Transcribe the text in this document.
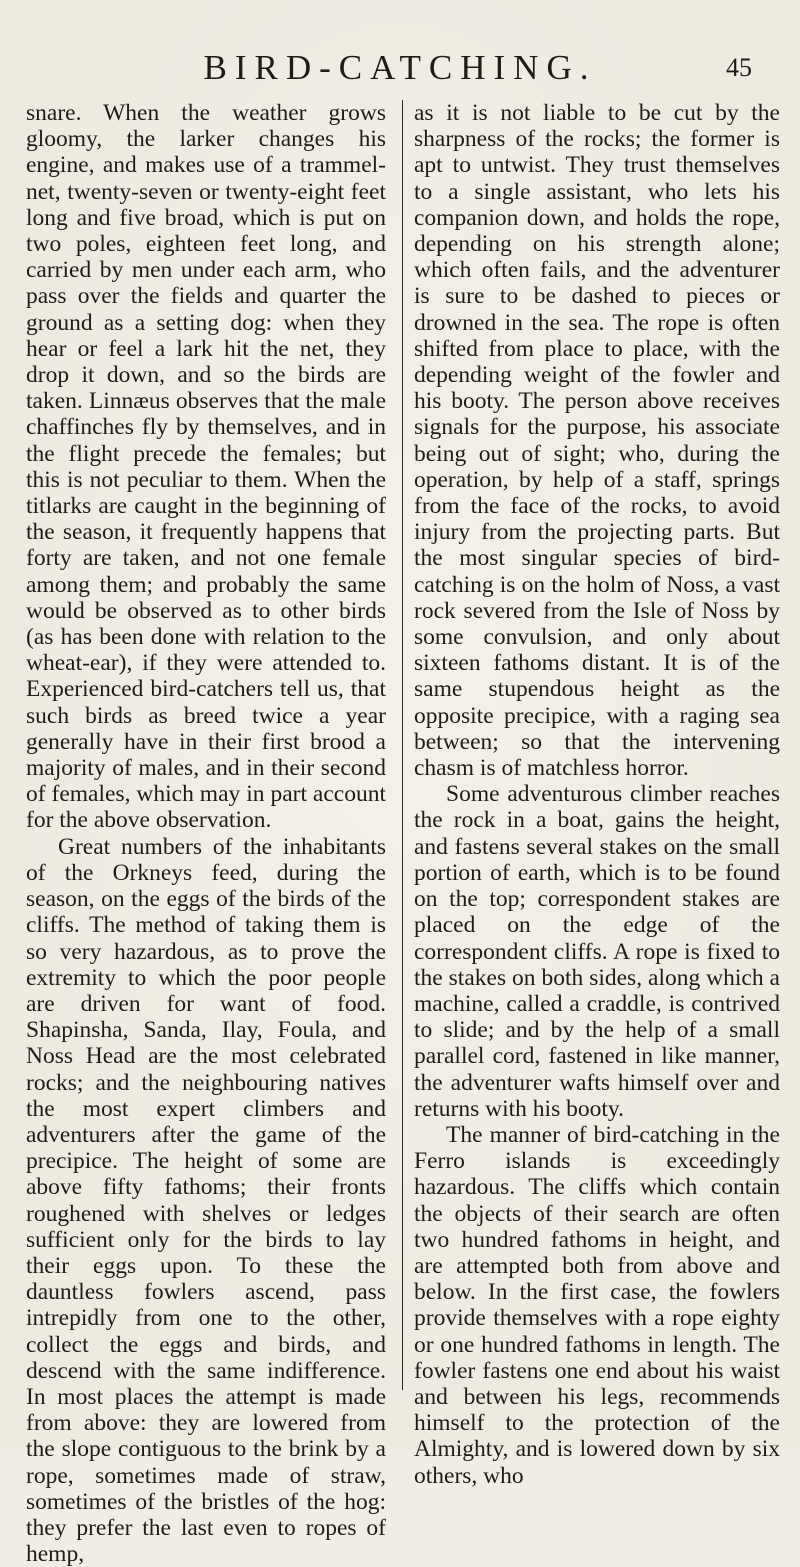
BIRD-CATCHING.	45

snare. When the weather grows gloomy, the larker changes his engine, and makes use of a trammel-net, twenty-seven or twenty-eight feet long and five broad, which is put on two poles, eighteen feet long, and carried by men under each arm, who pass over the fields and quarter the ground as a setting dog: when they hear or feel a lark hit the net, they drop it down, and so the birds are taken. Linnæus observes that the male chaffinches fly by themselves, and in the flight precede the females; but this is not peculiar to them. When the titlarks are caught in the beginning of the season, it frequently happens that forty are taken, and not one female among them; and probably the same would be observed as to other birds (as has been done with relation to the wheat-ear), if they were attended to. Experienced bird-catchers tell us, that such birds as breed twice a year generally have in their first brood a majority of males, and in their second of females, which may in part account for the above observation.

Great numbers of the inhabitants of the Orkneys feed, during the season, on the eggs of the birds of the cliffs. The method of taking them is so very hazardous, as to prove the extremity to which the poor people are driven for want of food. Shapinsha, Sanda, Ilay, Foula, and Noss Head are the most celebrated rocks; and the neighbouring natives the most expert climbers and adventurers after the game of the precipice. The height of some are above fifty fathoms; their fronts roughened with shelves or ledges sufficient only for the birds to lay their eggs upon. To these the dauntless fowlers ascend, pass intrepidly from one to the other, collect the eggs and birds, and descend with the same indifference. In most places the attempt is made from above: they are lowered from the slope contiguous to the brink by a rope, sometimes made of straw, sometimes of the bristles of the hog: they prefer the last even to ropes of hemp,

as it is not liable to be cut by the sharpness of the rocks; the former is apt to untwist. They trust themselves to a single assistant, who lets his companion down, and holds the rope, depending on his strength alone; which often fails, and the adventurer is sure to be dashed to pieces or drowned in the sea. The rope is often shifted from place to place, with the depending weight of the fowler and his booty. The person above receives signals for the purpose, his associate being out of sight; who, during the operation, by help of a staff, springs from the face of the rocks, to avoid injury from the projecting parts. But the most singular species of bird-catching is on the holm of Noss, a vast rock severed from the Isle of Noss by some convulsion, and only about sixteen fathoms distant. It is of the same stupendous height as the opposite precipice, with a raging sea between; so that the intervening chasm is of matchless horror.

Some adventurous climber reaches the rock in a boat, gains the height, and fastens several stakes on the small portion of earth, which is to be found on the top; correspondent stakes are placed on the edge of the correspondent cliffs. A rope is fixed to the stakes on both sides, along which a machine, called a craddle, is contrived to slide; and by the help of a small parallel cord, fastened in like manner, the adventurer wafts himself over and returns with his booty.

The manner of bird-catching in the Ferro islands is exceedingly hazardous. The cliffs which contain the objects of their search are often two hundred fathoms in height, and are attempted both from above and below. In the first case, the fowlers provide themselves with a rope eighty or one hundred fathoms in length. The fowler fastens one end about his waist and between his legs, recommends himself to the protection of the Almighty, and is lowered down by six others, who
